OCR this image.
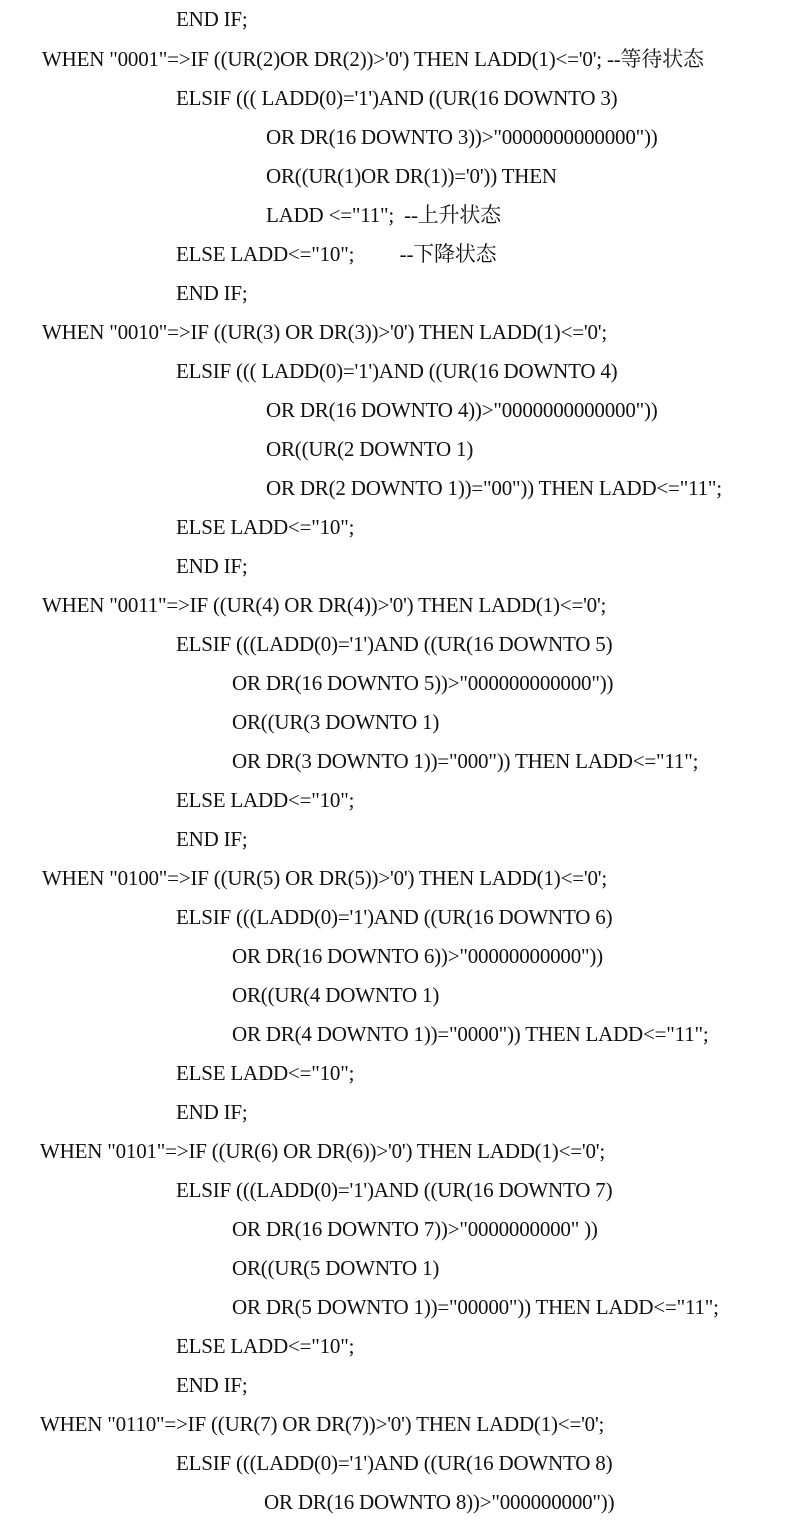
END IF;
WHEN "0001"=>IF ((UR(2)OR DR(2))>'0') THEN LADD(1)<='0'; --等待状态
ELSIF ((( LADD(0)='1')AND ((UR(16 DOWNTO 3)
OR DR(16 DOWNTO 3))>"0000000000000"))
OR((UR(1)OR DR(1))='0')) THEN
LADD <="11";  --上升状态
ELSE LADD<="10";         --下降状态
END IF;
WHEN "0010"=>IF ((UR(3) OR DR(3))>'0') THEN LADD(1)<='0';
ELSIF ((( LADD(0)='1')AND ((UR(16 DOWNTO 4)
OR DR(16 DOWNTO 4))>"0000000000000"))
OR((UR(2 DOWNTO 1)
OR DR(2 DOWNTO 1))="00")) THEN LADD<="11";
ELSE LADD<="10";
END IF;
WHEN "0011"=>IF ((UR(4) OR DR(4))>'0') THEN LADD(1)<='0';
ELSIF (((LADD(0)='1')AND ((UR(16 DOWNTO 5)
OR DR(16 DOWNTO 5))>"000000000000"))
OR((UR(3 DOWNTO 1)
OR DR(3 DOWNTO 1))="000")) THEN LADD<="11";
ELSE LADD<="10";
END IF;
WHEN "0100"=>IF ((UR(5) OR DR(5))>'0') THEN LADD(1)<='0';
ELSIF (((LADD(0)='1')AND ((UR(16 DOWNTO 6)
OR DR(16 DOWNTO 6))>"00000000000"))
OR((UR(4 DOWNTO 1)
OR DR(4 DOWNTO 1))="0000")) THEN LADD<="11";
ELSE LADD<="10";
END IF;
WHEN "0101"=>IF ((UR(6) OR DR(6))>'0') THEN LADD(1)<='0';
ELSIF (((LADD(0)='1')AND ((UR(16 DOWNTO 7)
OR DR(16 DOWNTO 7))>"0000000000" ))
OR((UR(5 DOWNTO 1)
OR DR(5 DOWNTO 1))="00000")) THEN LADD<="11";
ELSE LADD<="10";
END IF;
WHEN "0110"=>IF ((UR(7) OR DR(7))>'0') THEN LADD(1)<='0';
ELSIF (((LADD(0)='1')AND ((UR(16 DOWNTO 8)
OR DR(16 DOWNTO 8))>"000000000"))
